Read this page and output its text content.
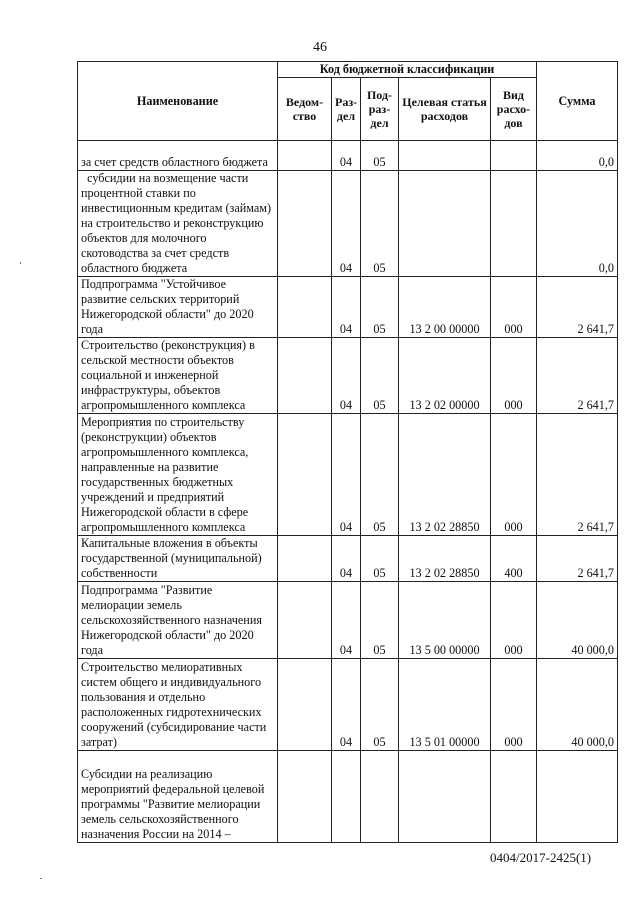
46
Наименование	Код бюджетной классификации					Сумма
	Ведом-ство	Раз-дел	Под-раз-дел	Целевая статья расходов	Вид расхо-дов	

за счет средств областного бюджета		04	05			0,0

субсидии на возмещение части процентной ставки по инвестиционным кредитам (займам) на строительство и реконструкцию объектов для молочного скотоводства за счет средств областного бюджета		04	05			0,0

Подпрограмма "Устойчивое развитие сельских территорий Нижегородской области" до 2020 года		04	05	13 2 00 00000	000	2 641,7

Строительство (реконструкция) в сельской местности объектов социальной и инженерной инфраструктуры, объектов агропромышленного комплекса		04	05	13 2 02 00000	000	2 641,7

Мероприятия по строительству (реконструкции) объектов агропромышленного комплекса, направленные на развитие государственных бюджетных учреждений и предприятий Нижегородской области в сфере агропромышленного комплекса		04	05	13 2 02 28850	000	2 641,7

Капитальные вложения в объекты государственной (муниципальной) собственности		04	05	13 2 02 28850	400	2 641,7

Подпрограмма "Развитие мелиорации земель сельскохозяйственного назначения Нижегородской области" до 2020 года		04	05	13 5 00 00000	000	40 000,0

Строительство мелиоративных систем общего и индивидуального пользования и отдельно расположенных гидротехнических сооружений (субсидирование части затрат)		04	05	13 5 01 00000	000	40 000,0

Субсидии на реализацию мероприятий федеральной целевой программы "Развитие мелиорации земель сельскохозяйственного назначения России на 2014 –						

0404/2017-2425(1)
